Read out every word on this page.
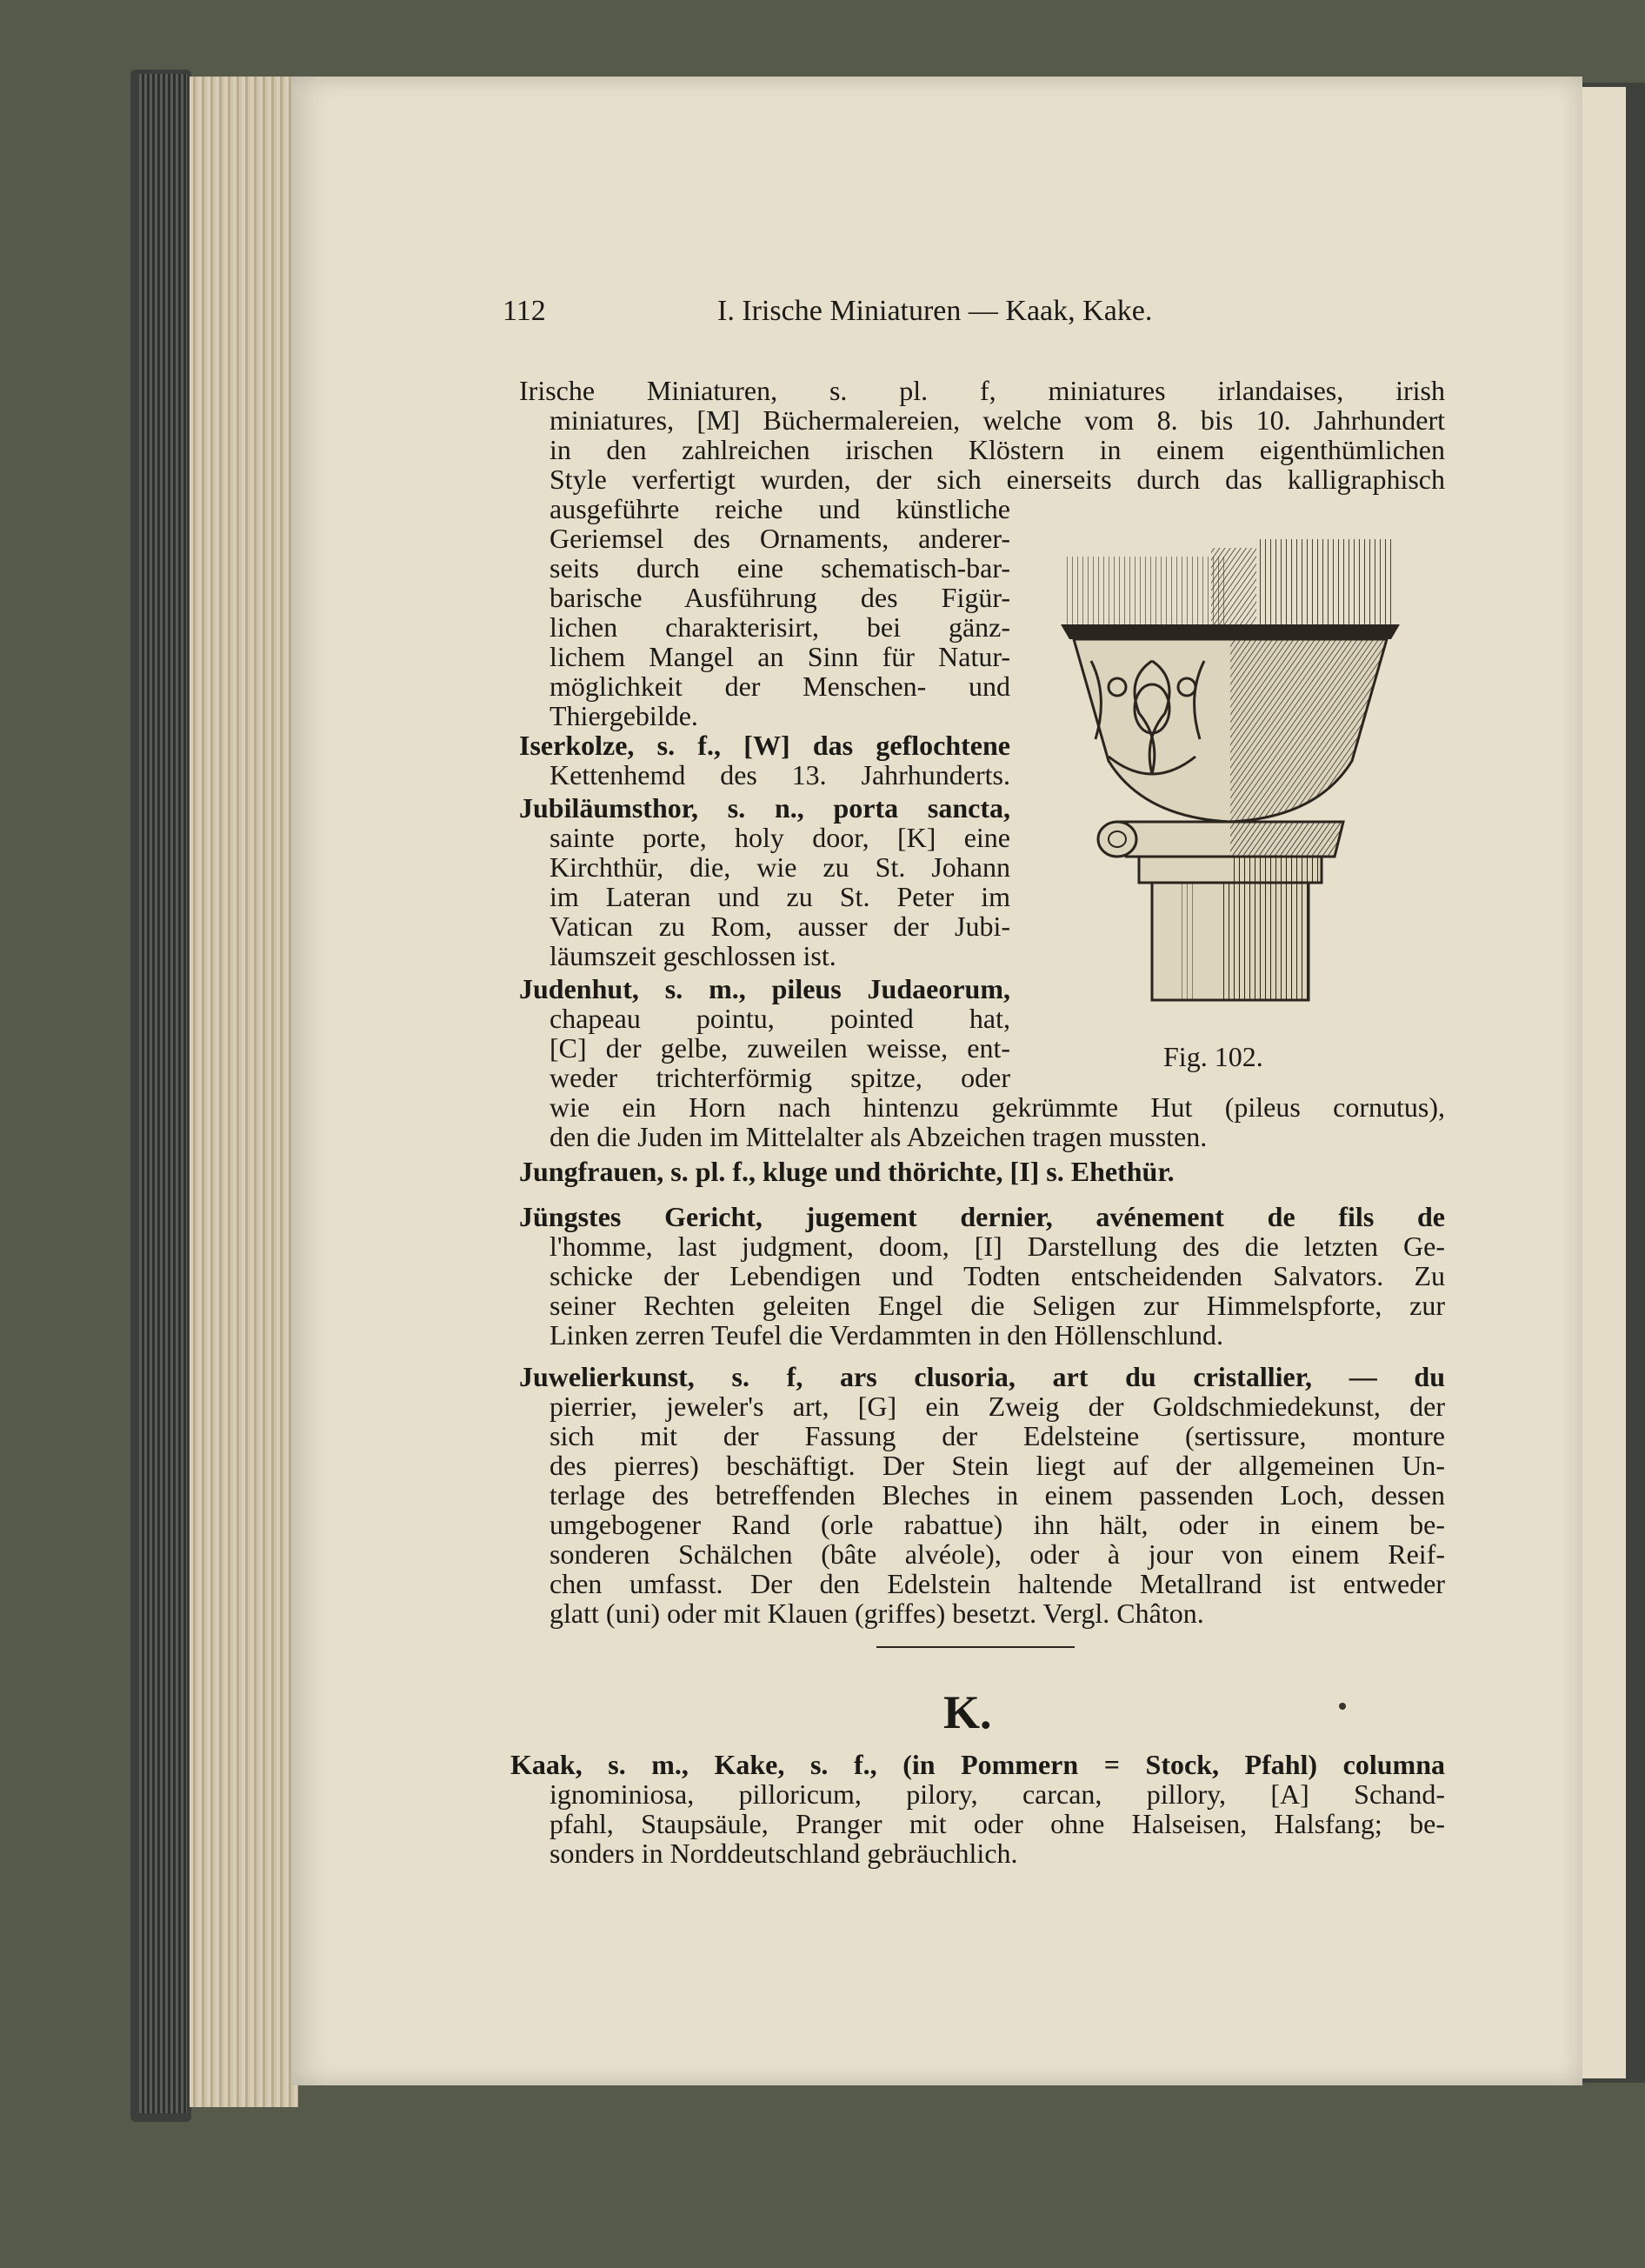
112	I. Irische Miniaturen — Kaak, Kake.
Irische Miniaturen, s. pl. f, miniatures irlandaises, irish
miniatures, [M] Büchermalereien, welche vom 8. bis 10. Jahrhundert
in den zahlreichen irischen Klöstern in einem eigenthümlichen
Style verfertigt wurden, der sich einerseits durch das kalligraphisch
ausgeführte reiche und künstliche
Geriemsel des Ornaments, anderer-
seits durch eine schematisch-bar-
barische Ausführung des Figür-
lichen charakterisirt, bei gänz-
lichem Mangel an Sinn für Natur-
möglichkeit der Menschen- und
Thiergebilde.
Iserkolze, s. f., [W] das geflochtene
Kettenhemd des 13. Jahrhunderts.
Jubiläumsthor, s. n., porta sancta,
sainte porte, holy door, [K] eine
Kirchthür, die, wie zu St. Johann
im Lateran und zu St. Peter im
Vatican zu Rom, ausser der Jubi-
läumszeit geschlossen ist.
Judenhut, s. m., pileus Judaeorum,
chapeau pointu, pointed hat,
[C] der gelbe, zuweilen weisse, ent-
weder trichterförmig spitze, oder
wie ein Horn nach hintenzu gekrümmte Hut (pileus cornutus),
den die Juden im Mittelalter als Abzeichen tragen mussten.
Jungfrauen, s. pl. f., kluge und thörichte, [I] s. Ehethür.
Jüngstes Gericht, jugement dernier, avénement de fils de
l'homme, last judgment, doom, [I] Darstellung des die letzten Ge-
schicke der Lebendigen und Todten entscheidenden Salvators. Zu
seiner Rechten geleiten Engel die Seligen zur Himmelspforte, zur
Linken zerren Teufel die Verdammten in den Höllenschlund.
Juwelierkunst, s. f, ars clusoria, art du cristallier, — du
pierrier, jeweler's art, [G] ein Zweig der Goldschmiedekunst, der
sich mit der Fassung der Edelsteine (sertissure, monture
des pierres) beschäftigt. Der Stein liegt auf der allgemeinen Un-
terlage des betreffenden Bleches in einem passenden Loch, dessen
umgebogener Rand (orle rabattue) ihn hält, oder in einem be-
sonderen Schälchen (bâte alvéole), oder à jour von einem Reif-
chen umfasst. Der den Edelstein haltende Metallrand ist entweder
glatt (uni) oder mit Klauen (griffes) besetzt. Vergl. Châton.
K.
Kaak, s. m., Kake, s. f., (in Pommern = Stock, Pfahl) columna
ignominiosa, pilloricum, pilory, carcan, pillory, [A] Schand-
pfahl, Staupsäule, Pranger mit oder ohne Halseisen, Halsfang; be-
sonders in Norddeutschland gebräuchlich.
Fig. 102.
